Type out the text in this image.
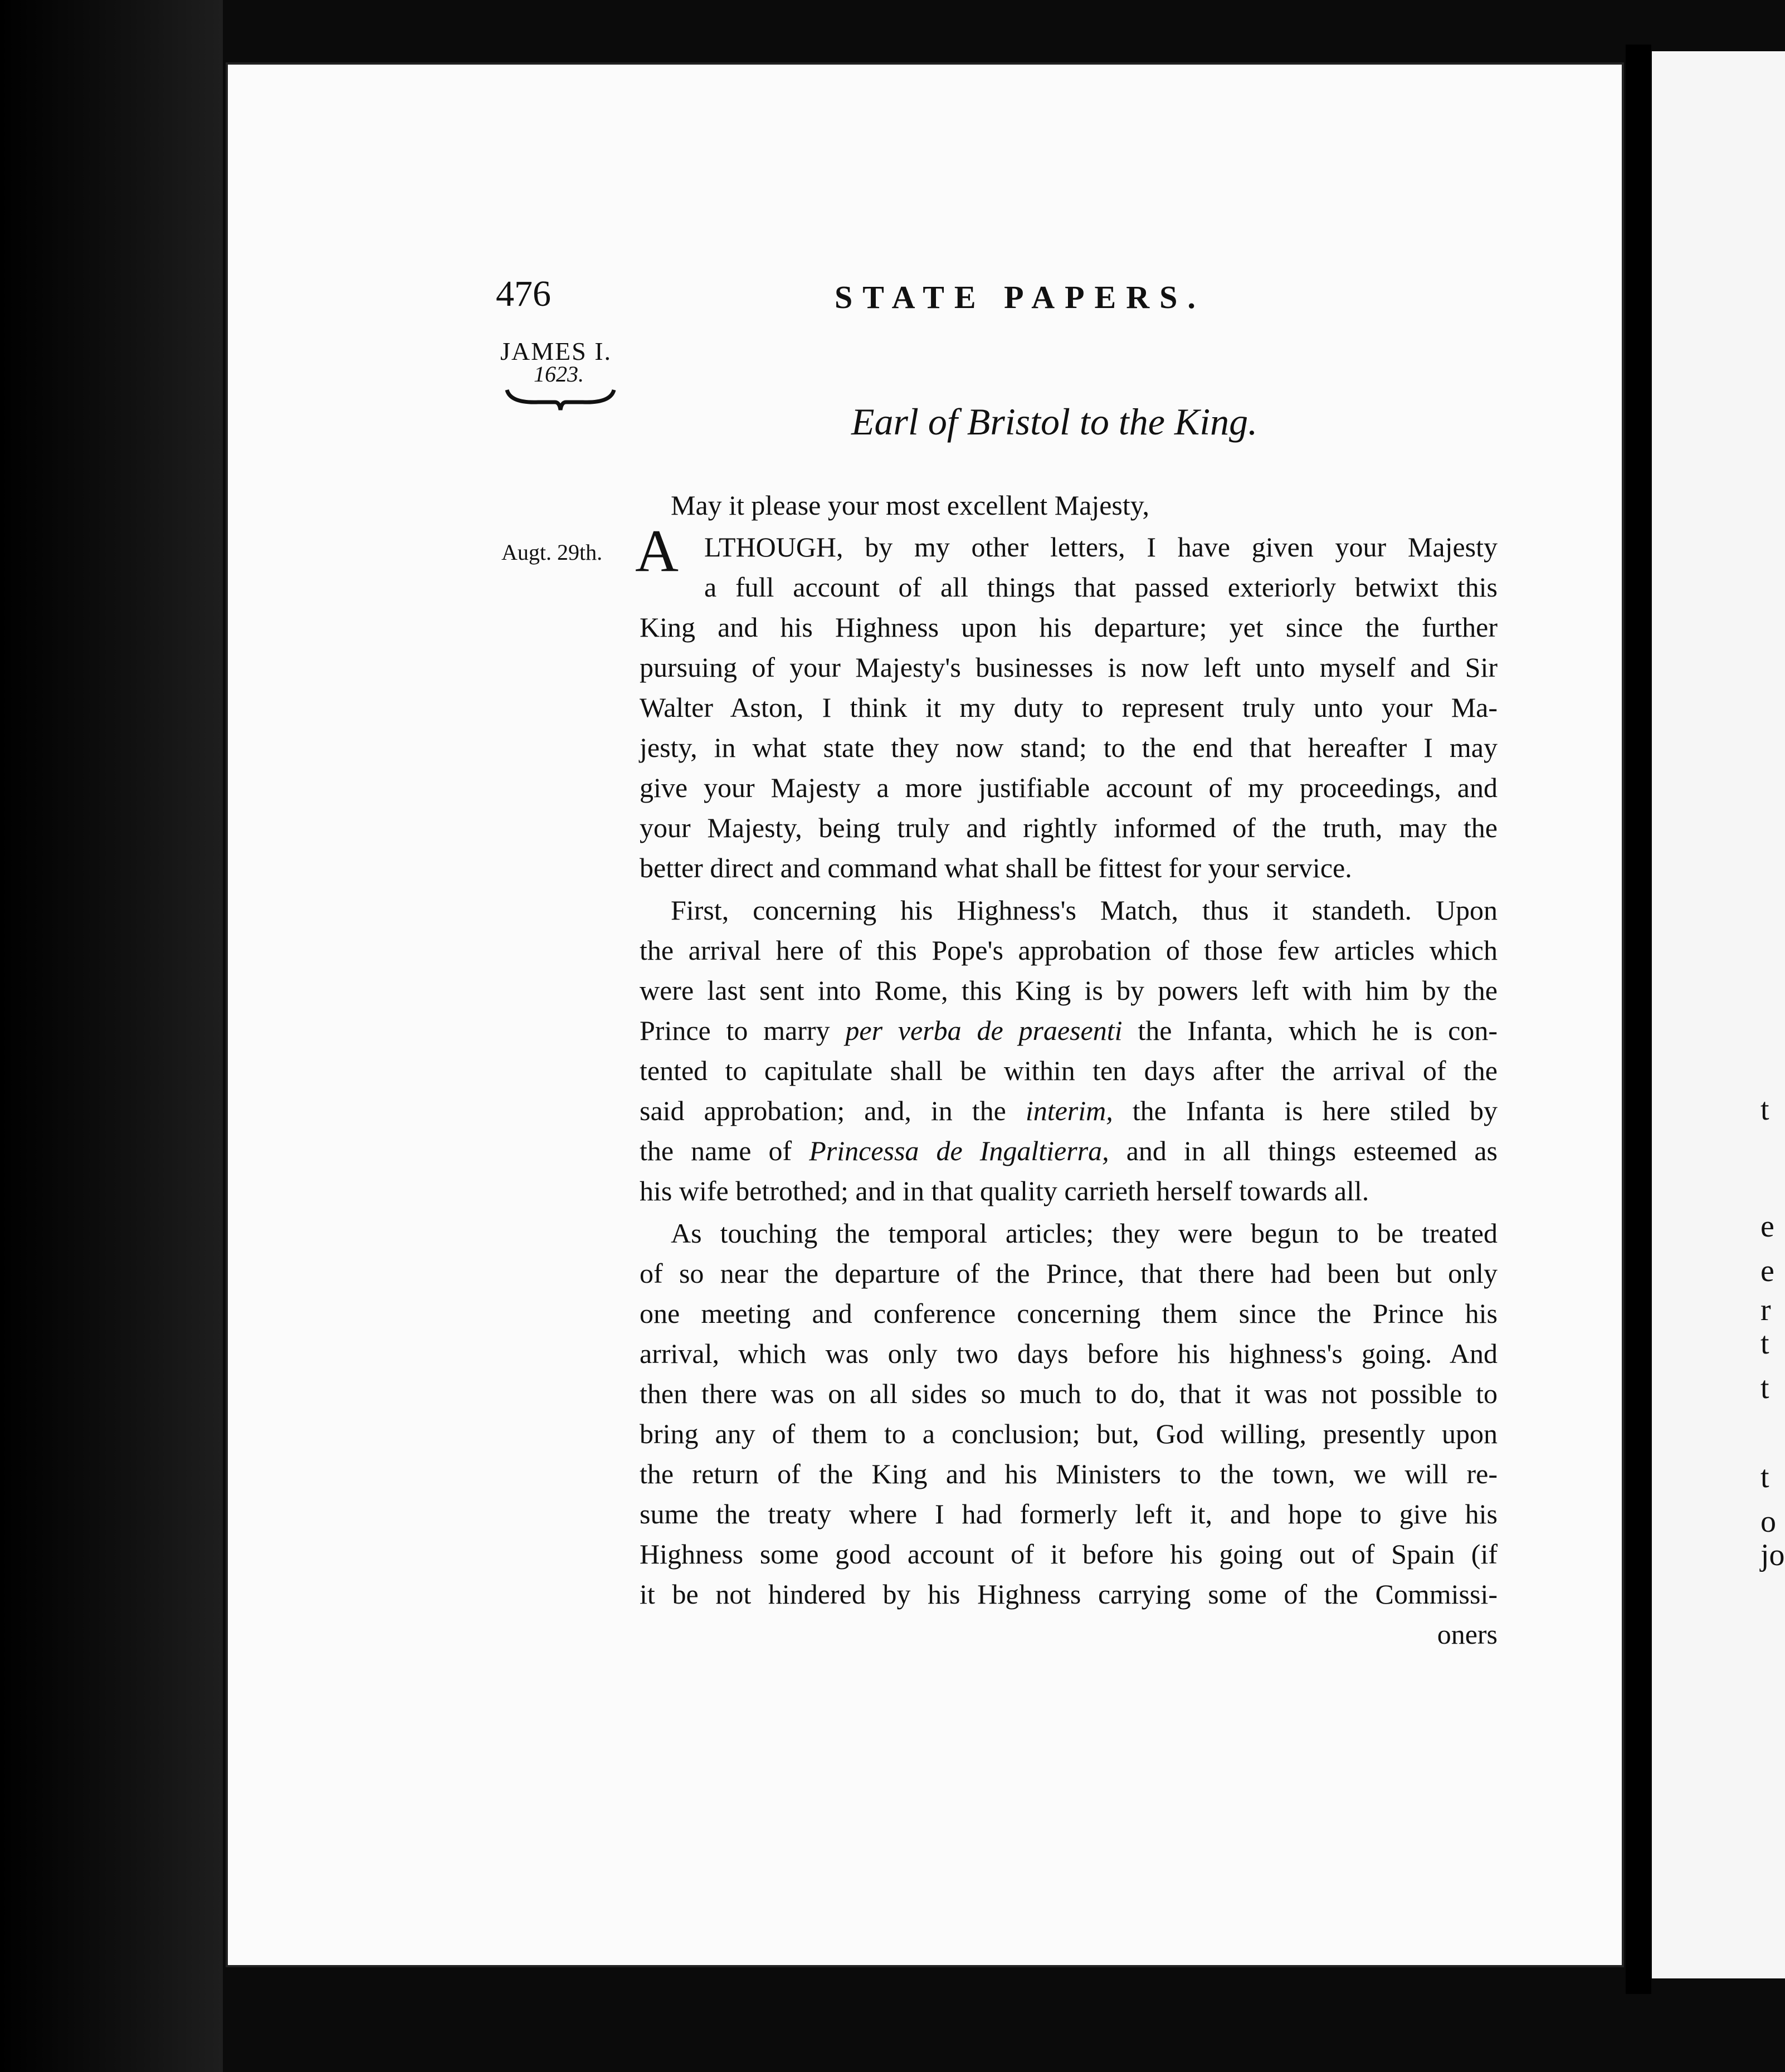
t
e
e
r
t
t
t
o
jo
476	STATE PAPERS.
JAMES I.
1623.
Earl of Bristol to the King.
May it please your most excellent Majesty,
Augt. 29th. A LTHOUGH, by my other letters, I have given your Majesty
a full account of all things that passed exteriorly betwixt this
King and his Highness upon his departure; yet since the further
pursuing of your Majesty's businesses is now left unto myself and Sir
Walter Aston, I think it my duty to represent truly unto your Ma-
jesty, in what state they now stand; to the end that hereafter I may
give your Majesty a more justifiable account of my proceedings, and
your Majesty, being truly and rightly informed of the truth, may the
better direct and command what shall be fittest for your service.
First, concerning his Highness's Match, thus it standeth. Upon
the arrival here of this Pope's approbation of those few articles which
were last sent into Rome, this King is by powers left with him by the
Prince to marry per verba de praesenti the Infanta, which he is con-
tented to capitulate shall be within ten days after the arrival of the
said approbation; and, in the interim, the Infanta is here stiled by
the name of Princessa de Ingaltierra, and in all things esteemed as
his wife betrothed; and in that quality carrieth herself towards all.
As touching the temporal articles; they were begun to be treated
of so near the departure of the Prince, that there had been but only
one meeting and conference concerning them since the Prince his
arrival, which was only two days before his highness's going. And
then there was on all sides so much to do, that it was not possible to
bring any of them to a conclusion; but, God willing, presently upon
the return of the King and his Ministers to the town, we will re-
sume the treaty where I had formerly left it, and hope to give his
Highness some good account of it before his going out of Spain (if
it be not hindered by his Highness carrying some of the Commissi-
oners
